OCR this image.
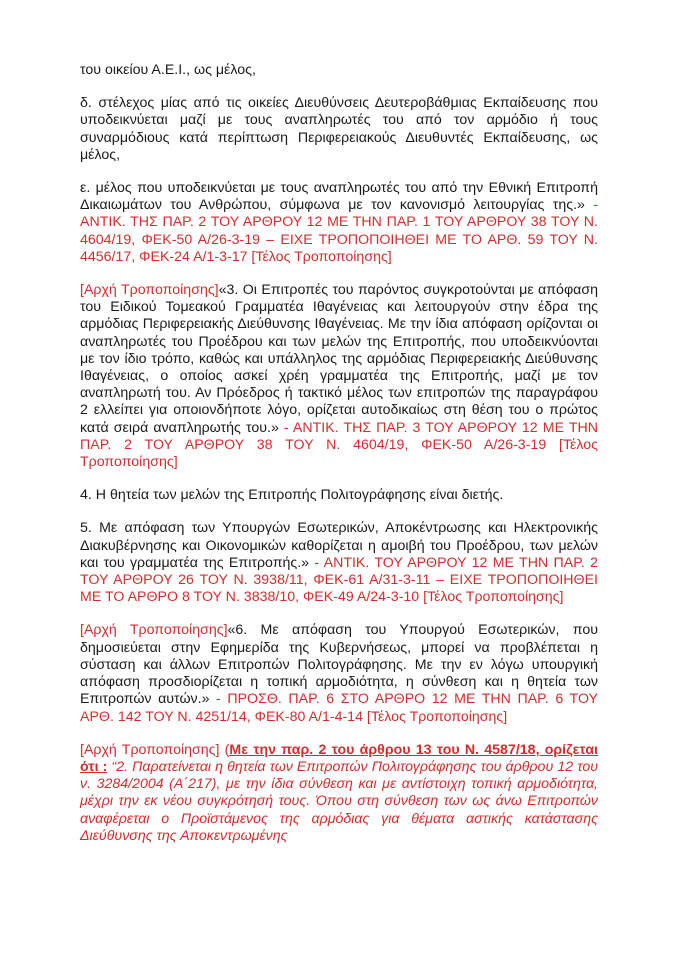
του οικείου Α.Ε.Ι., ως μέλος,

δ. στέλεχος μίας από τις οικείες Διευθύνσεις Δευτεροβάθμιας Εκπαίδευσης που υποδεικνύεται μαζί με τους αναπληρωτές του από τον αρμόδιο ή τους συναρμόδιους κατά περίπτωση Περιφερειακούς Διευθυντές Εκπαίδευσης, ως μέλος,

ε. μέλος που υποδεικνύεται με τους αναπληρωτές του από την Εθνική Επιτροπή Δικαιωμάτων του Ανθρώπου, σύμφωνα με τον κανονισμό λειτουργίας της.» - ΑΝΤΙΚ. ΤΗΣ ΠΑΡ. 2 ΤΟΥ ΑΡΘΡΟΥ 12 ΜΕ ΤΗΝ ΠΑΡ. 1 ΤΟΥ ΑΡΘΡΟΥ 38 ΤΟΥ Ν. 4604/19, ΦΕΚ-50 Α/26-3-19 – ΕΙΧΕ ΤΡΟΠΟΠΟΙΗΘΕΙ ΜΕ ΤΟ ΑΡΘ. 59 ΤΟΥ Ν. 4456/17, ΦΕΚ-24 Α/1-3-17 [Τέλος Τροποποίησης]

[Αρχή Τροποποίησης]«3. Οι Επιτροπές του παρόντος συγκροτούνται με απόφαση του Ειδικού Τομεακού Γραμματέα Ιθαγένειας και λειτουργούν στην έδρα της αρμόδιας Περιφερειακής Διεύθυνσης Ιθαγένειας. Με την ίδια απόφαση ορίζονται οι αναπληρωτές του Προέδρου και των μελών της Επιτροπής, που υποδεικνύονται με τον ίδιο τρόπο, καθώς και υπάλληλος της αρμόδιας Περιφερειακής Διεύθυνσης Ιθαγένειας, ο οποίος ασκεί χρέη γραμματέα της Επιτροπής, μαζί με τον αναπληρωτή του. Αν Πρόεδρος ή τακτικό μέλος των επιτροπών της παραγράφου 2 ελλείπει για οποιονδήποτε λόγο, ορίζεται αυτοδικαίως στη θέση του ο πρώτος κατά σειρά αναπληρωτής του.» - ΑΝΤΙΚ. ΤΗΣ ΠΑΡ. 3 ΤΟΥ ΑΡΘΡΟΥ 12 ΜΕ ΤΗΝ ΠΑΡ. 2 ΤΟΥ ΑΡΘΡΟΥ 38 ΤΟΥ Ν. 4604/19, ΦΕΚ-50 Α/26-3-19 [Τέλος Τροποποίησης]

4. Η θητεία των μελών της Επιτροπής Πολιτογράφησης είναι διετής.

5. Με απόφαση των Υπουργών Εσωτερικών, Αποκέντρωσης και Ηλεκτρονικής Διακυβέρνησης και Οικονομικών καθορίζεται η αμοιβή του Προέδρου, των μελών και του γραμματέα της Επιτροπής.» - ΑΝΤΙΚ. ΤΟΥ ΑΡΘΡΟΥ 12 ΜΕ ΤΗΝ ΠΑΡ. 2 ΤΟΥ ΑΡΘΡΟΥ 26 ΤΟΥ Ν. 3938/11, ΦΕΚ-61 Α/31-3-11 – ΕΙΧΕ ΤΡΟΠΟΠΟΙΗΘΕΙ ΜΕ ΤΟ ΑΡΘΡΟ 8 ΤΟΥ Ν. 3838/10, ΦΕΚ-49 Α/24-3-10 [Τέλος Τροποποίησης]

[Αρχή Τροποποίησης]«6. Με απόφαση του Υπουργού Εσωτερικών, που δημοσιεύεται στην Εφημερίδα της Κυβερνήσεως, μπορεί να προβλέπεται η σύσταση και άλλων Επιτροπών Πολιτογράφησης. Με την εν λόγω υπουργική απόφαση προσδιορίζεται η τοπική αρμοδιότητα, η σύνθεση και η θητεία των Επιτροπών αυτών.» - ΠΡΟΣΘ. ΠΑΡ. 6 ΣΤΟ ΑΡΘΡΟ 12 ΜΕ ΤΗΝ ΠΑΡ. 6 ΤΟΥ ΑΡΘ. 142 ΤΟΥ Ν. 4251/14, ΦΕΚ-80 Α/1-4-14 [Τέλος Τροποποίησης]

[Αρχή Τροποποίησης] (Με την παρ. 2 του άρθρου 13 του Ν. 4587/18, ορίζεται ότι : “2. Παρατείνεται η θητεία των Επιτροπών Πολιτογράφησης του άρθρου 12 του ν. 3284/2004 (Α΄217), με την ίδια σύνθεση και με αντίστοιχη τοπική αρμοδιότητα, μέχρι την εκ νέου συγκρότησή τους. Όπου στη σύνθεση των ως άνω Επιτροπών αναφέρεται ο Προϊστάμενος της αρμόδιας για θέματα αστικής κατάστασης Διεύθυνσης της Αποκεντρωμένης
